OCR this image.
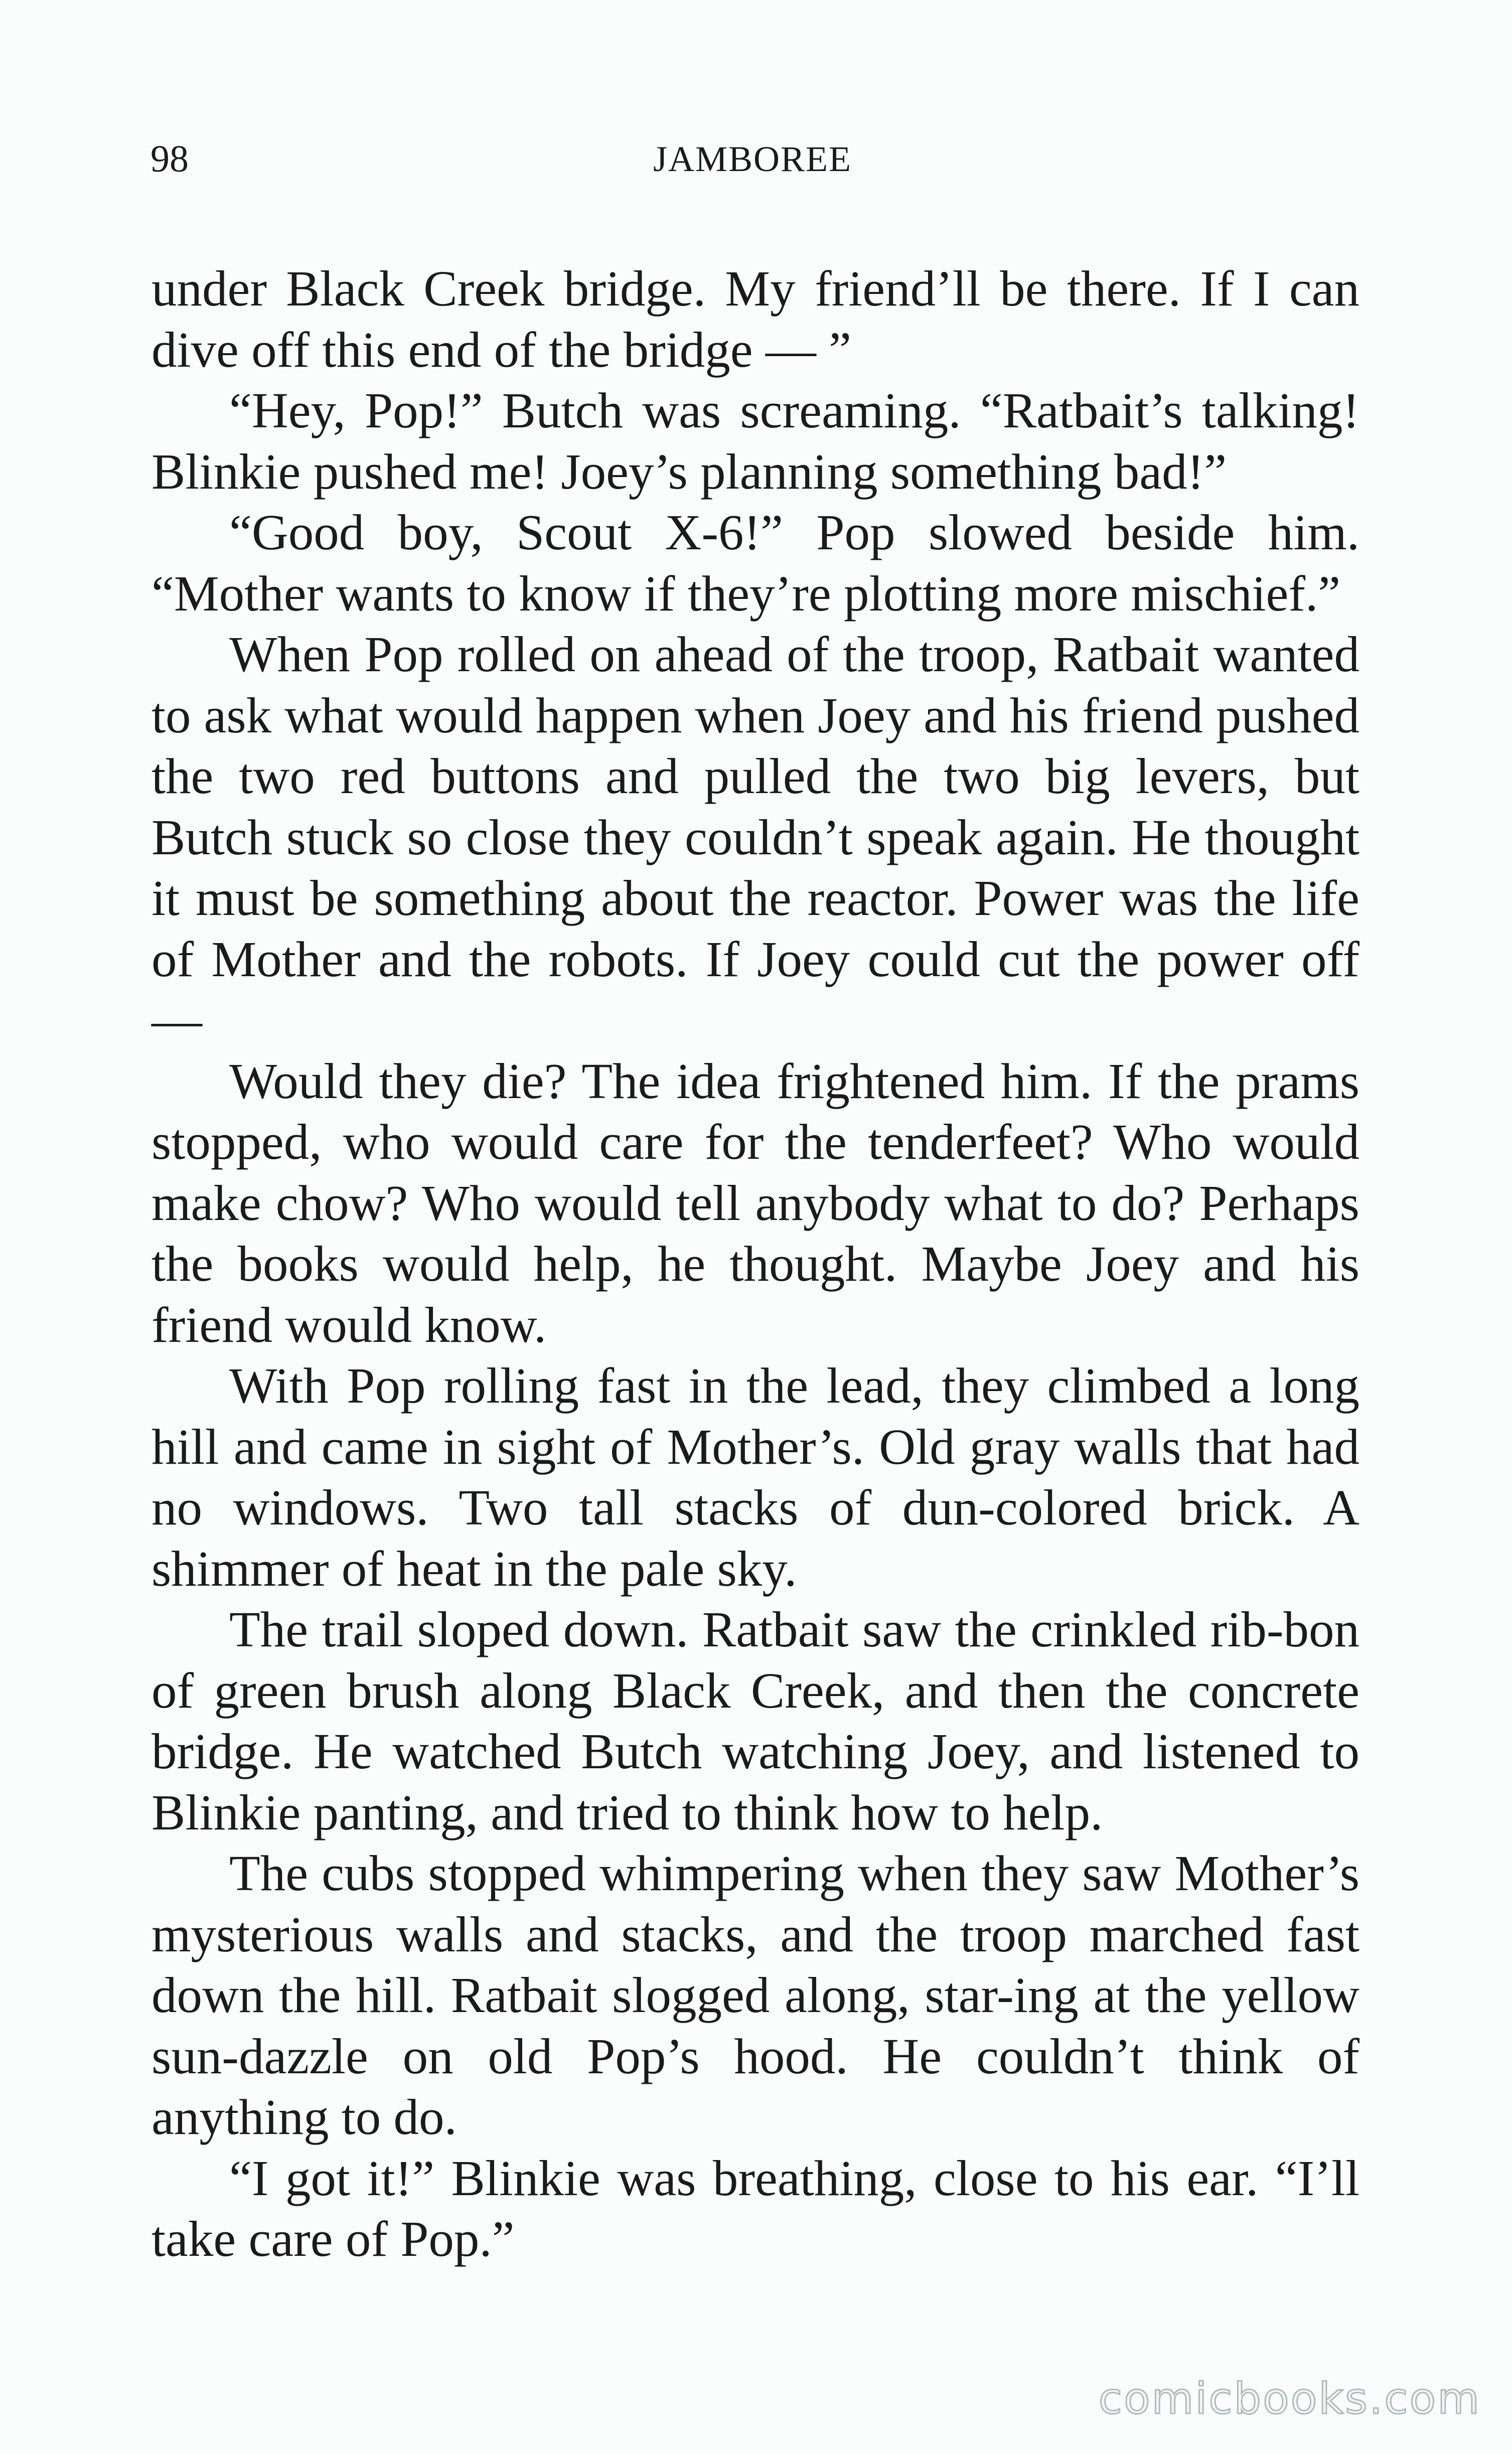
98	JAMBOREE

under Black Creek bridge. My friend’ll be there. If I can dive off this end of the bridge — ”

“Hey, Pop!” Butch was screaming. “Ratbait’s talking! Blinkie pushed me! Joey’s planning something bad!”

“Good boy, Scout X-6!” Pop slowed beside him. “Mother wants to know if they’re plotting more mischief.”

When Pop rolled on ahead of the troop, Ratbait wanted to ask what would happen when Joey and his friend pushed the two red buttons and pulled the two big levers, but Butch stuck so close they couldn’t speak again. He thought it must be something about the reactor. Power was the life of Mother and the robots. If Joey could cut the power off —

Would they die? The idea frightened him. If the prams stopped, who would care for the tenderfeet? Who would make chow? Who would tell anybody what to do? Perhaps the books would help, he thought. Maybe Joey and his friend would know.

With Pop rolling fast in the lead, they climbed a long hill and came in sight of Mother’s. Old gray walls that had no windows. Two tall stacks of dun-colored brick. A shimmer of heat in the pale sky.

The trail sloped down. Ratbait saw the crinkled rib-bon of green brush along Black Creek, and then the concrete bridge. He watched Butch watching Joey, and listened to Blinkie panting, and tried to think how to help.

The cubs stopped whimpering when they saw Mother’s mysterious walls and stacks, and the troop marched fast down the hill. Ratbait slogged along, star-ing at the yellow sun-dazzle on old Pop’s hood. He couldn’t think of anything to do.

“I got it!” Blinkie was breathing, close to his ear. “I’ll take care of Pop.”

comicbooks.com
